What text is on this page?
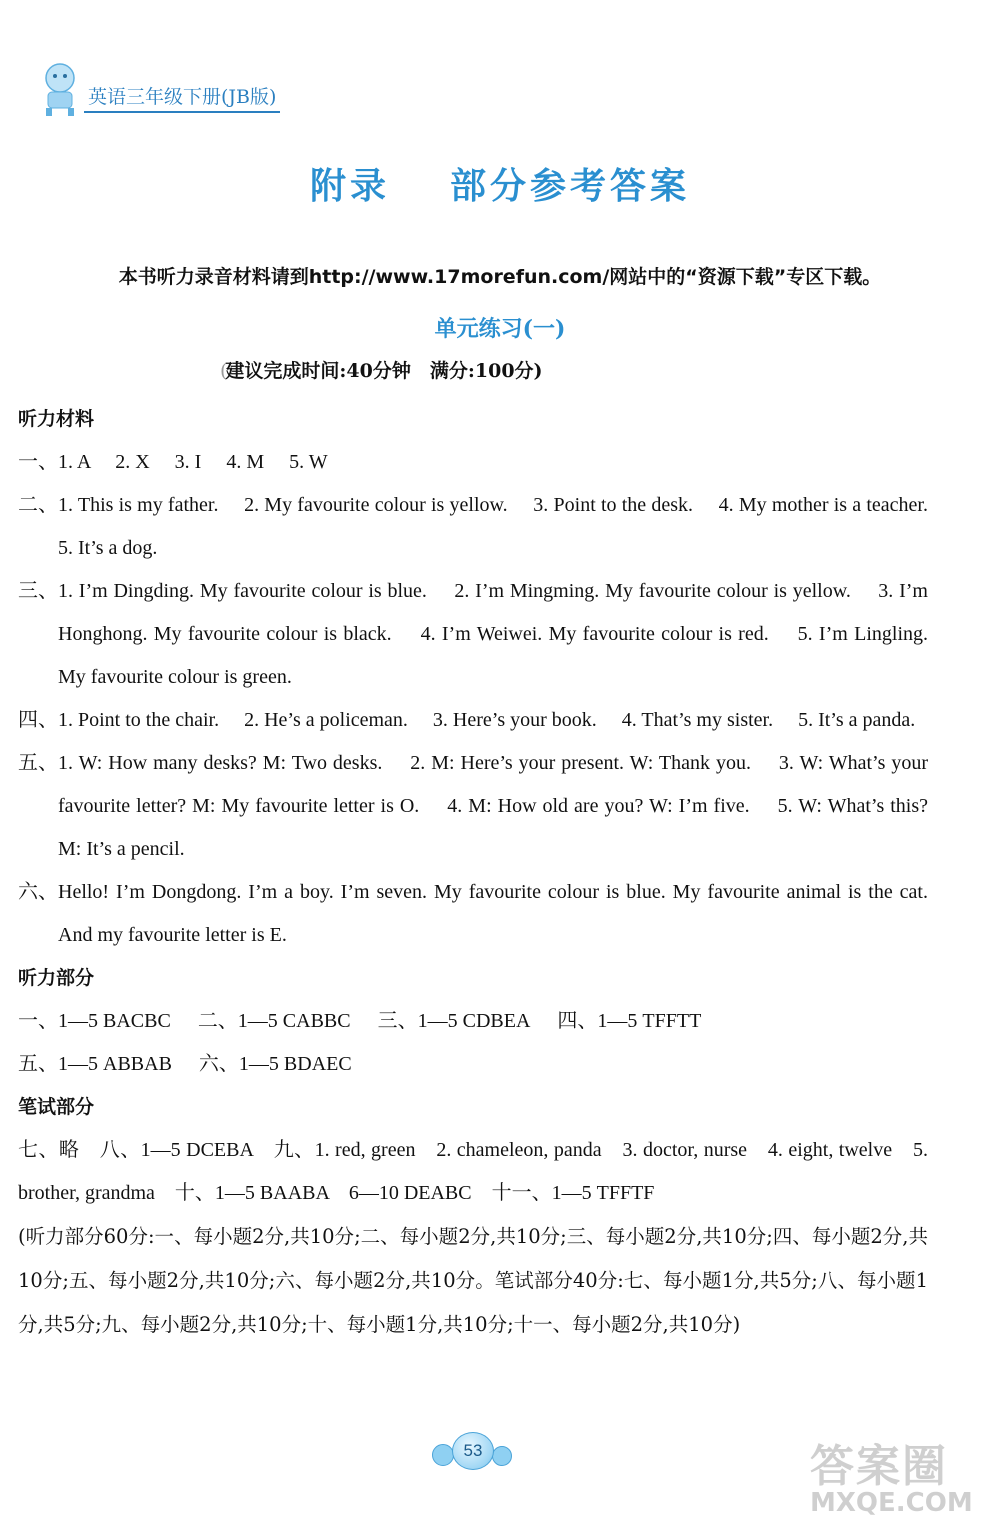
英语三年级下册(JB版)
附录 部分参考答案
本书听力录音材料请到http://www.17morefun.com/网站中的“资源下载”专区下载。
单元练习(一)
(建议完成时间:40分钟　满分:100分)
听力材料
一、 1. A　 2. X　 3. I　 4. M　 5. W
二、 1. This is my father.　 2. My favourite colour is yellow.　 3. Point to the desk.　 4. My mother is a teacher.　 5. It’s a dog.
三、 1. I’m Dingding. My favourite colour is blue.　 2. I’m Mingming. My favourite colour is yellow.　 3. I’m Honghong. My favourite colour is black.　 4. I’m Weiwei. My favourite colour is red.　 5. I’m Lingling. My favourite colour is green.
四、 1. Point to the chair.　 2. He’s a policeman.　 3. Here’s your book.　 4. That’s my sister.　 5. It’s a panda.
五、 1. W: How many desks? M: Two desks.　 2. M: Here’s your present. W: Thank you.　 3. W: What’s your favourite letter? M: My favourite letter is O.　 4. M: How old are you? W: I’m five.　 5. W: What’s this? M: It’s a pencil.
六、 Hello! I’m Dongdong. I’m a boy. I’m seven. My favourite colour is blue. My favourite animal is the cat. And my favourite letter is E.
听力部分
一、1—5 BACBC 二、1—5 CABBC 三、1—5 CDBEA 四、1—5 TFFTT
五、1—5 ABBAB 六、1—5 BDAEC
笔试部分
七、略　八、1—5 DCEBA　九、1. red, green　2. chameleon, panda　3. doctor, nurse　4. eight, twelve　5. brother, grandma　十、1—5 BAABA　6—10 DEABC　十一、1—5 TFFTF
(听力部分60分:一、每小题2分,共10分;二、每小题2分,共10分;三、每小题2分,共10分;四、每小题2分,共10分;五、每小题2分,共10分;六、每小题2分,共10分。笔试部分40分:七、每小题1分,共5分;八、每小题1分,共5分;九、每小题2分,共10分;十、每小题1分,共10分;十一、每小题2分,共10分)
53	答案圈
MXQE.COM
